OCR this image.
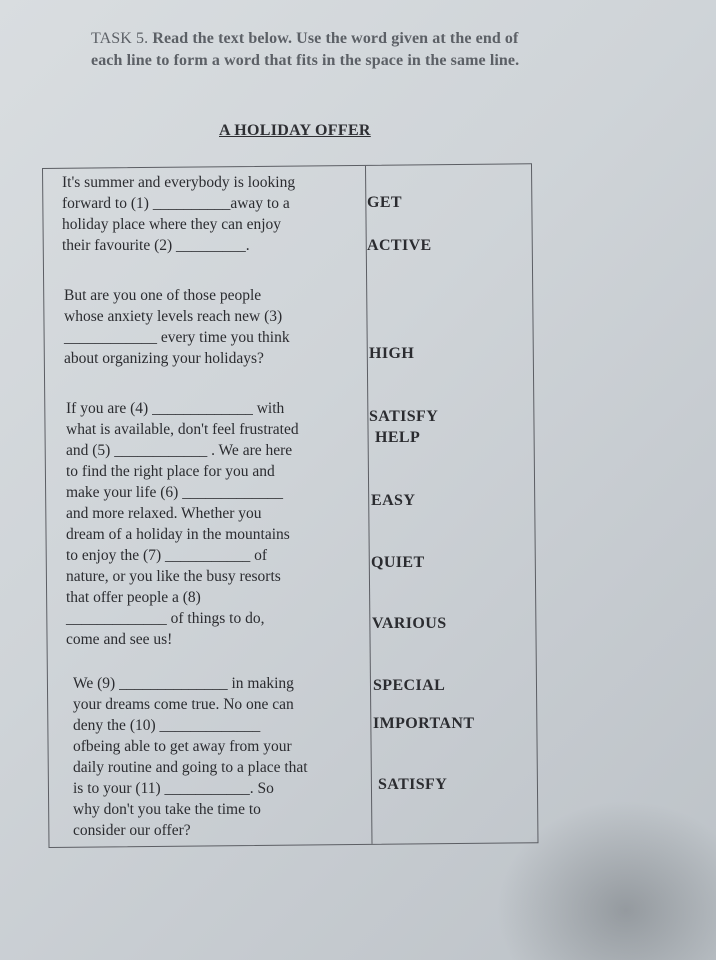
TASK 5. Read the text below. Use the word given at the end of each line to form a word that fits in the space in the same line.
A HOLIDAY OFFER
It's summer and everybody is looking
forward to (1) __________away to a
holiday place where they can enjoy
their favourite (2) _________.
But are you one of those people
whose anxiety levels reach new (3)
____________ every time you think
about organizing your holidays?
If you are (4) _____________ with
what is available, don't feel frustrated
and (5) ____________ . We are here
to find the right place for you and
make your life (6) _____________
and more relaxed. Whether you
dream of a holiday in the mountains
to enjoy the (7) ___________ of
nature, or you like the busy resorts
that offer people a (8)
_____________ of things to do,
come and see us!
We (9) ______________ in making
your dreams come true. No one can
deny the (10) _____________
ofbeing able to get away from your
daily routine and going to a place that
is to your (11) ___________. So
why don't you take the time to
consider our offer?
GET
ACTIVE
HIGH
SATISFY
HELP
EASY
QUIET
VARIOUS
SPECIAL
IMPORTANT
SATISFY
